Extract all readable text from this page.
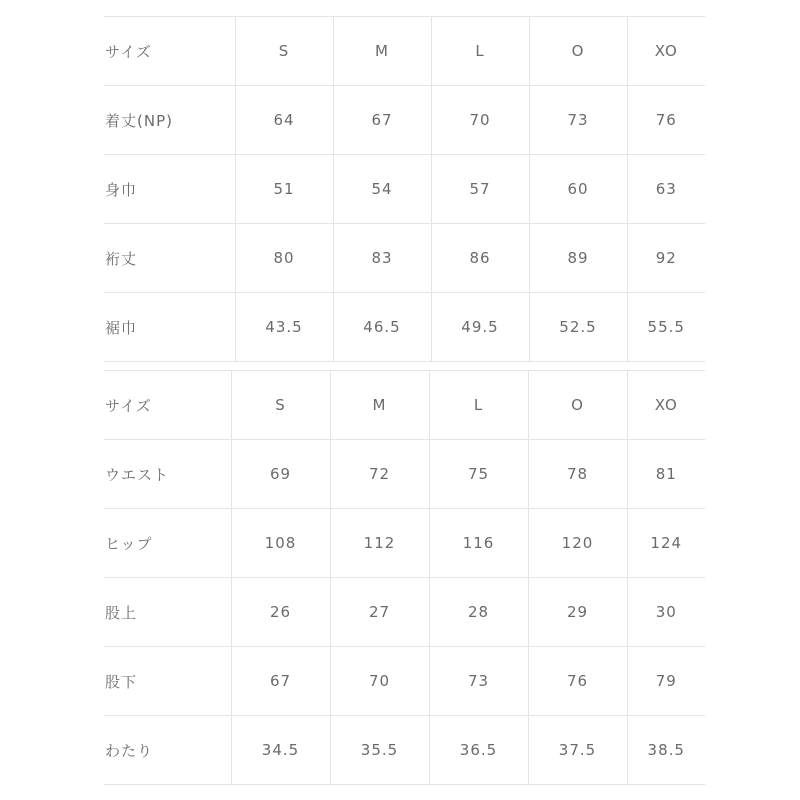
サイズ	S	M	L	O	XO
着丈(NP)	64	67	70	73	76
身巾	51	54	57	60	63
裄丈	80	83	86	89	92
裾巾	43.5	46.5	49.5	52.5	55.5
サイズ	S	M	L	O	XO
ウエスト	69	72	75	78	81
ヒップ	108	112	116	120	124
股上	26	27	28	29	30
股下	67	70	73	76	79
わたり	34.5	35.5	36.5	37.5	38.5
